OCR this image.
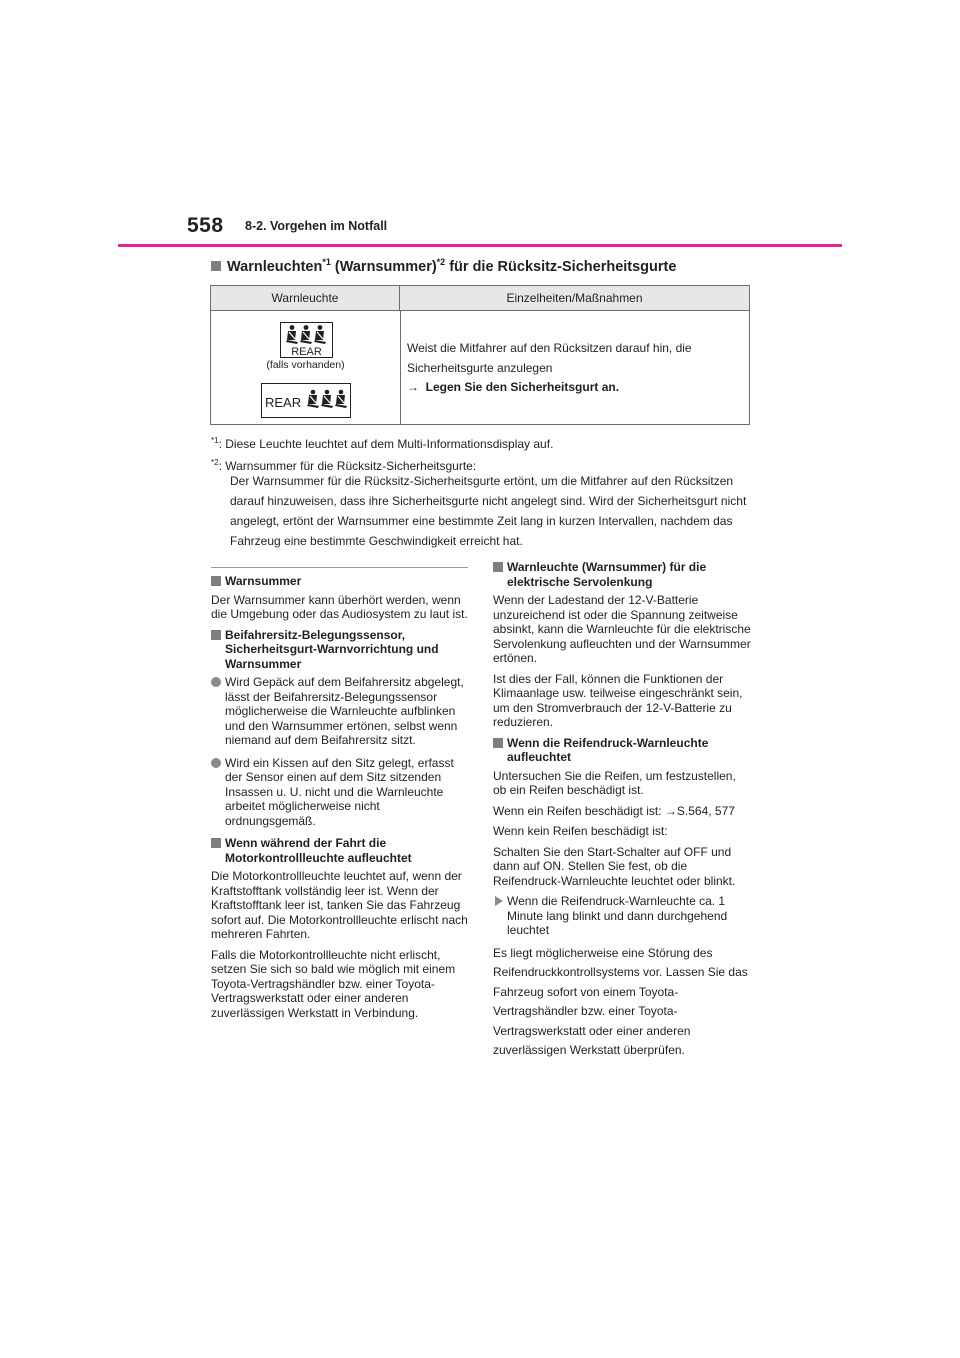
558 8-2. Vorgehen im Notfall
Warnleuchten$^{*1}$ (Warnsummer)$^{*2}$ für die Rücksitz-Sicherheitsgurte
Warnleuchte	Einzelheiten/Maßnahmen
REAR
(falls vorhanden)
REAR
Weist die Mitfahrer auf den Rücksitzen darauf hin, die Sicherheitsgurte anzulegen
→ Legen Sie den Sicherheitsgurt an.
$^{*1}$: Diese Leuchte leuchtet auf dem Multi-Informationsdisplay auf.
$^{*2}$: Warnsummer für die Rücksitz-Sicherheitsgurte:
Der Warnsummer für die Rücksitz-Sicherheitsgurte ertönt, um die Mitfahrer auf den Rücksitzen darauf hinzuweisen, dass ihre Sicherheitsgurte nicht angelegt sind. Wird der Sicherheitsgurt nicht angelegt, ertönt der Warnsummer eine bestimmte Zeit lang in kurzen Intervallen, nachdem das Fahrzeug eine bestimmte Geschwindigkeit erreicht hat.

Warnsummer

Der Warnsummer kann überhört werden, wenn die Umgebung oder das Audiosystem zu laut ist.

Beifahrersitz-Belegungssensor, Sicherheitsgurt-Warnvorrichtung und Warnsummer

Wird Gepäck auf dem Beifahrersitz abgelegt, lässt der Beifahrersitz-Belegungssensor möglicherweise die Warnleuchte aufblinken und den Warnsummer ertönen, selbst wenn niemand auf dem Beifahrersitz sitzt.

Wird ein Kissen auf den Sitz gelegt, erfasst der Sensor einen auf dem Sitz sitzenden Insassen u. U. nicht und die Warnleuchte arbeitet möglicherweise nicht ordnungsgemäß.

Wenn während der Fahrt die Motorkontrollleuchte aufleuchtet

Die Motorkontrollleuchte leuchtet auf, wenn der Kraftstofftank vollständig leer ist. Wenn der Kraftstofftank leer ist, tanken Sie das Fahrzeug sofort auf. Die Motorkontrollleuchte erlischt nach mehreren Fahrten.

Falls die Motorkontrollleuchte nicht erlischt, setzen Sie sich so bald wie möglich mit einem Toyota-Vertragshändler bzw. einer Toyota-Vertragswerkstatt oder einer anderen zuverlässigen Werkstatt in Verbindung.

Warnleuchte (Warnsummer) für die elektrische Servolenkung

Wenn der Ladestand der 12-V-Batterie unzureichend ist oder die Spannung zeitweise absinkt, kann die Warnleuchte für die elektrische Servolenkung aufleuchten und der Warnsummer ertönen.

Ist dies der Fall, können die Funktionen der Klimaanlage usw. teilweise eingeschränkt sein, um den Stromverbrauch der 12-V-Batterie zu reduzieren.

Wenn die Reifendruck-Warnleuchte aufleuchtet

Untersuchen Sie die Reifen, um festzustellen, ob ein Reifen beschädigt ist.

Wenn ein Reifen beschädigt ist: →S.564, 577

Wenn kein Reifen beschädigt ist:

Schalten Sie den Start-Schalter auf OFF und dann auf ON. Stellen Sie fest, ob die Reifendruck-Warnleuchte leuchtet oder blinkt.

Wenn die Reifendruck-Warnleuchte ca. 1 Minute lang blinkt und dann durchgehend leuchtet

Es liegt möglicherweise eine Störung des Reifendruckkontrollsystems vor. Lassen Sie das Fahrzeug sofort von einem Toyota-Vertragshändler bzw. einer Toyota-Vertragswerkstatt oder einer anderen zuverlässigen Werkstatt überprüfen.
